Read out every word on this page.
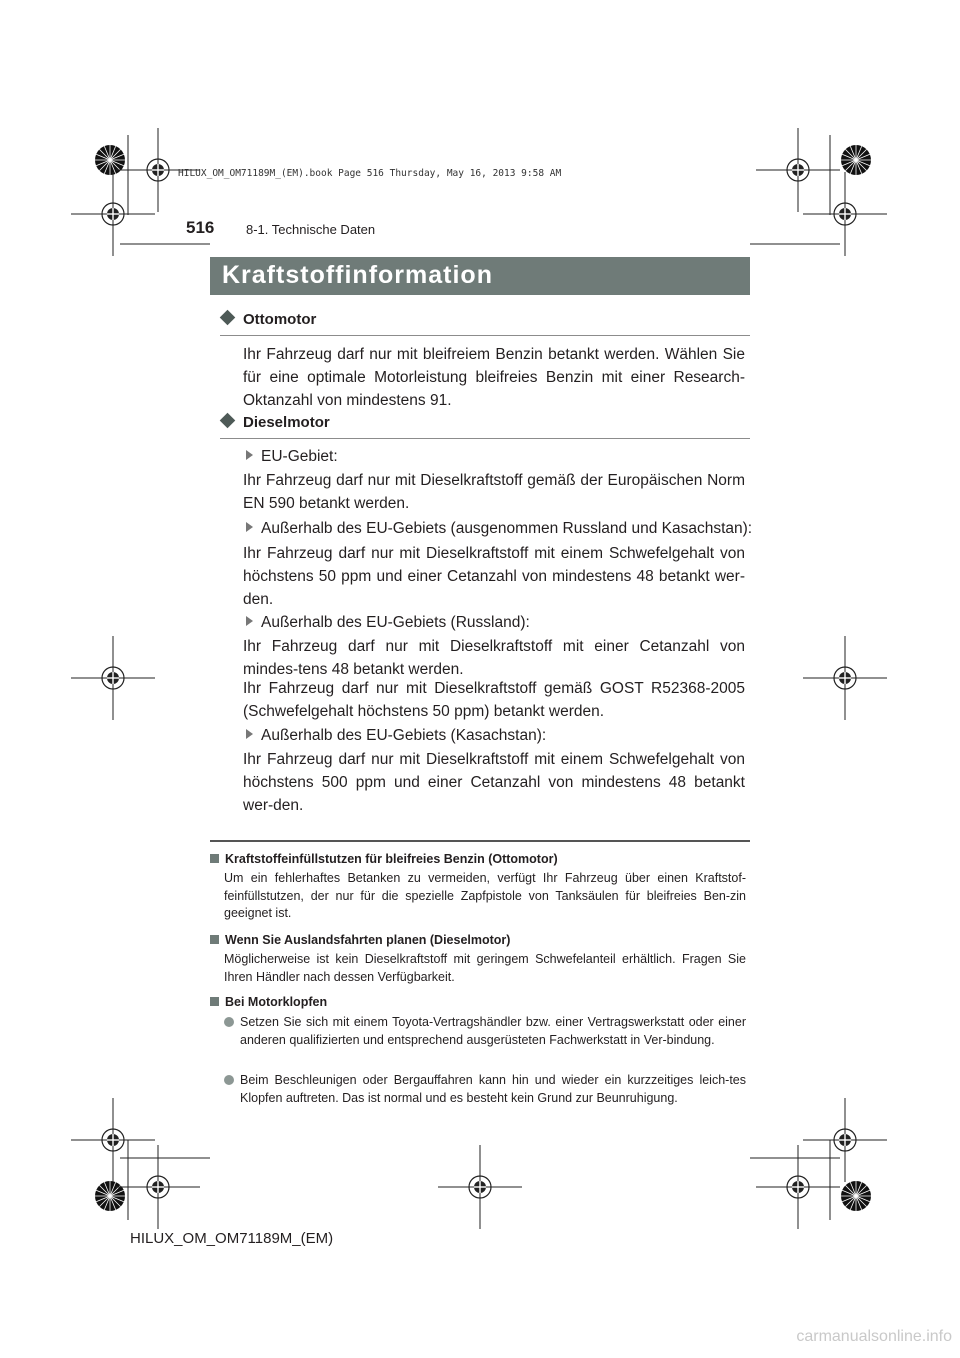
HILUX_OM_OM71189M_(EM).book Page 516 Thursday, May 16, 2013 9:58 AM
516 8-1. Technische Daten
Kraftstoffinformation
Ottomotor

Ihr Fahrzeug darf nur mit bleifreiem Benzin betankt werden. Wählen Sie für eine optimale Motorleistung bleifreies Benzin mit einer Research-Oktanzahl von mindestens 91.

Dieselmotor
EU-Gebiet:

Ihr Fahrzeug darf nur mit Dieselkraftstoff gemäß der Europäischen Norm EN 590 betankt werden.

Außerhalb des EU-Gebiets (ausgenommen Russland und Kasachstan):

Ihr Fahrzeug darf nur mit Dieselkraftstoff mit einem Schwefelgehalt von höchstens 50 ppm und einer Cetanzahl von mindestens 48 betankt wer-den.

Außerhalb des EU-Gebiets (Russland):

Ihr Fahrzeug darf nur mit Dieselkraftstoff mit einer Cetanzahl von mindes-tens 48 betankt werden.

Ihr Fahrzeug darf nur mit Dieselkraftstoff gemäß GOST R52368-2005 (Schwefelgehalt höchstens 50 ppm) betankt werden.

Außerhalb des EU-Gebiets (Kasachstan):

Ihr Fahrzeug darf nur mit Dieselkraftstoff mit einem Schwefelgehalt von höchstens 500 ppm und einer Cetanzahl von mindestens 48 betankt wer-den.

Kraftstoffeinfüllstutzen für bleifreies Benzin (Ottomotor)

Um ein fehlerhaftes Betanken zu vermeiden, verfügt Ihr Fahrzeug über einen Kraftstof-feinfüllstutzen, der nur für die spezielle Zapfpistole von Tanksäulen für bleifreies Ben-zin geeignet ist.

Wenn Sie Auslandsfahrten planen (Dieselmotor)

Möglicherweise ist kein Dieselkraftstoff mit geringem Schwefelanteil erhältlich. Fragen Sie Ihren Händler nach dessen Verfügbarkeit.

Bei Motorklopfen

Setzen Sie sich mit einem Toyota-Vertragshändler bzw. einer Vertragswerkstatt oder einer anderen qualifizierten und entsprechend ausgerüsteten Fachwerkstatt in Ver-bindung.

Beim Beschleunigen oder Bergauffahren kann hin und wieder ein kurzzeitiges leich-tes Klopfen auftreten. Das ist normal und es besteht kein Grund zur Beunruhigung.

HILUX_OM_OM71189M_(EM)
carmanualsonline.info
